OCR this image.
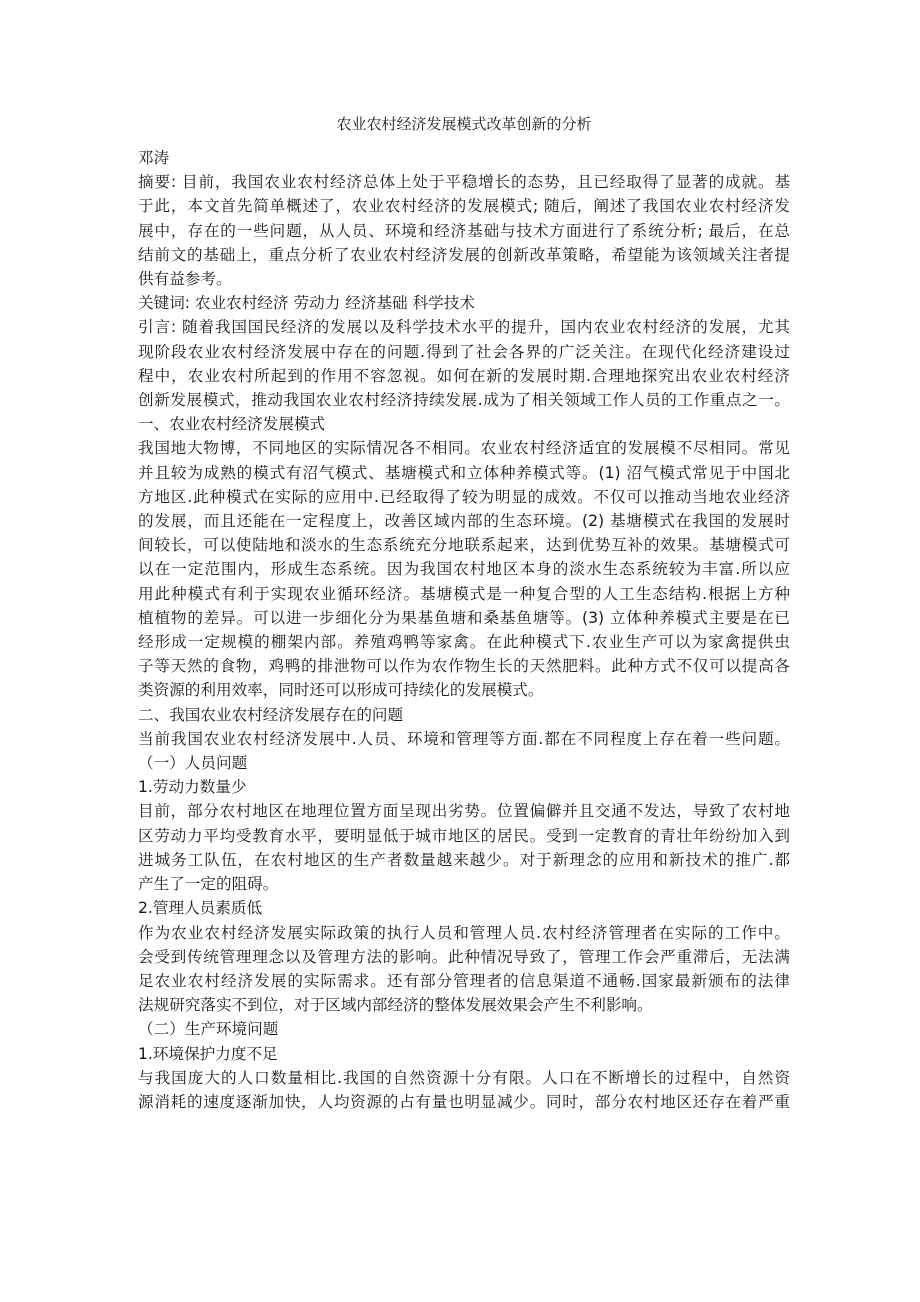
农业农村经济发展模式改革创新的分析
邓涛
摘要: 目前，我国农业农村经济总体上处于平稳增长的态势，且已经取得了显著的成就。基
于此，本文首先简单概述了，农业农村经济的发展模式; 随后，阐述了我国农业农村经济发
展中，存在的一些问题，从人员、环境和经济基础与技术方面进行了系统分析; 最后，在总
结前文的基础上，重点分析了农业农村经济发展的创新改革策略，希望能为该领域关注者提
供有益参考。
关键词: 农业农村经济 劳动力 经济基础 科学技术
引言: 随着我国国民经济的发展以及科学技术水平的提升，国内农业农村经济的发展，尤其
现阶段农业农村经济发展中存在的问题.得到了社会各界的广泛关注。在现代化经济建设过
程中，农业农村所起到的作用不容忽视。如何在新的发展时期.合理地探究出农业农村经济
创新发展模式，推动我国农业农村经济持续发展.成为了相关领域工作人员的工作重点之一。
一、农业农村经济发展模式
我国地大物博，不同地区的实际情况各不相同。农业农村经济适宜的发展模不尽相同。常见
并且较为成熟的模式有沼气模式、基塘模式和立体种养模式等。(1) 沼气模式常见于中国北
方地区.此种模式在实际的应用中.已经取得了较为明显的成效。不仅可以推动当地农业经济
的发展，而且还能在一定程度上，改善区域内部的生态环境。(2) 基塘模式在我国的发展时
间较长，可以使陆地和淡水的生态系统充分地联系起来，达到优势互补的效果。基塘模式可
以在一定范围内，形成生态系统。因为我国农村地区本身的淡水生态系统较为丰富.所以应
用此种模式有利于实现农业循环经济。基塘模式是一种复合型的人工生态结构.根据上方种
植植物的差异。可以进一步细化分为果基鱼塘和桑基鱼塘等。(3) 立体种养模式主要是在已
经形成一定规模的棚架内部。养殖鸡鸭等家禽。在此种模式下.农业生产可以为家禽提供虫
子等天然的食物，鸡鸭的排泄物可以作为农作物生长的天然肥料。此种方式不仅可以提高各
类资源的利用效率，同时还可以形成可持续化的发展模式。
二、我国农业农村经济发展存在的问题
当前我国农业农村经济发展中.人员、环境和管理等方面.都在不同程度上存在着一些问题。
（一）人员问题
1.劳动力数量少
目前，部分农村地区在地理位置方面呈现出劣势。位置偏僻并且交通不发达，导致了农村地
区劳动力平均受教育水平，要明显低于城市地区的居民。受到一定教育的青壮年纷纷加入到
进城务工队伍，在农村地区的生产者数量越来越少。对于新理念的应用和新技术的推广.都
产生了一定的阻碍。
2.管理人员素质低
作为农业农村经济发展实际政策的执行人员和管理人员.农村经济管理者在实际的工作中。
会受到传统管理理念以及管理方法的影响。此种情况导致了，管理工作会严重滞后，无法满
足农业农村经济发展的实际需求。还有部分管理者的信息渠道不通畅.国家最新颁布的法律
法规研究落实不到位，对于区域内部经济的整体发展效果会产生不利影响。
（二）生产环境问题
1.环境保护力度不足
与我国庞大的人口数量相比.我国的自然资源十分有限。人口在不断增长的过程中，自然资
源消耗的速度逐渐加快，人均资源的占有量也明显减少。同时，部分农村地区还存在着严重
